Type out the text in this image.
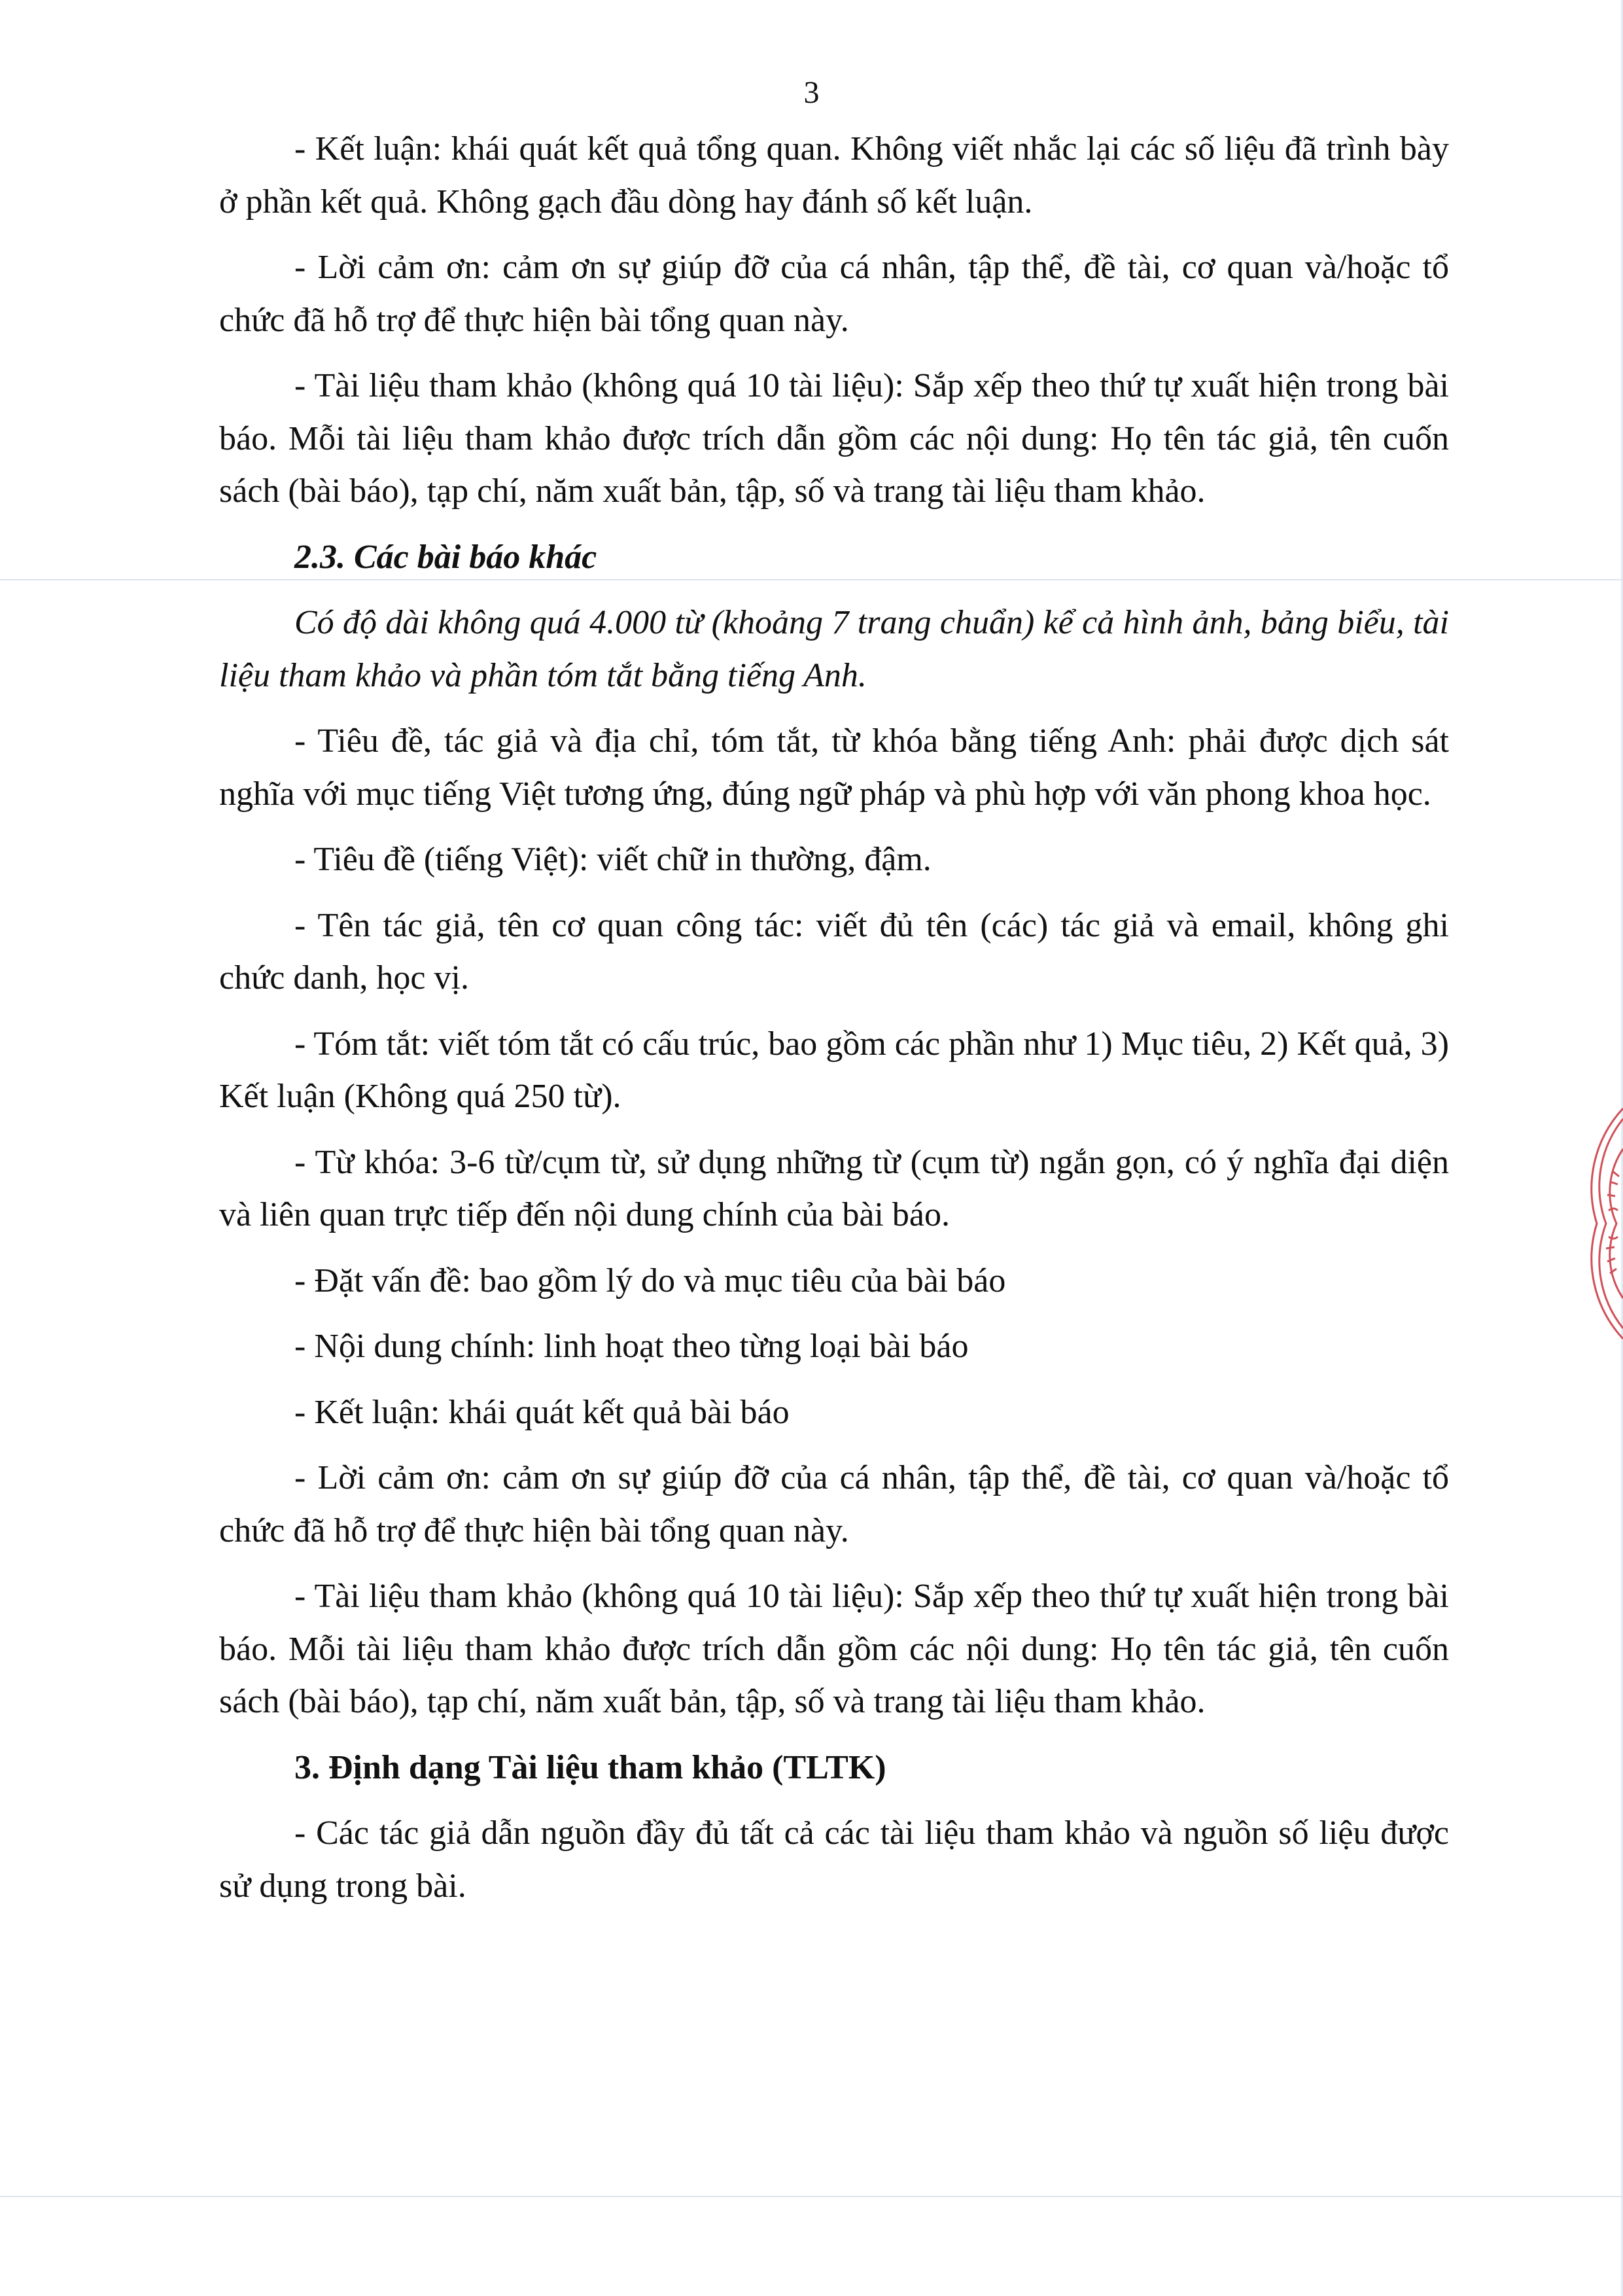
3

- Kết luận: khái quát kết quả tổng quan. Không viết nhắc lại các số liệu đã trình bày ở phần kết quả. Không gạch đầu dòng hay đánh số kết luận.

- Lời cảm ơn: cảm ơn sự giúp đỡ của cá nhân, tập thể, đề tài, cơ quan và/hoặc tổ chức đã hỗ trợ để thực hiện bài tổng quan này.

- Tài liệu tham khảo (không quá 10 tài liệu): Sắp xếp theo thứ tự xuất hiện trong bài báo. Mỗi tài liệu tham khảo được trích dẫn gồm các nội dung: Họ tên tác giả, tên cuốn sách (bài báo), tạp chí, năm xuất bản, tập, số và trang tài liệu tham khảo.

2.3. Các bài báo khác

Có độ dài không quá 4.000 từ (khoảng 7 trang chuẩn) kể cả hình ảnh, bảng biểu, tài liệu tham khảo và phần tóm tắt bằng tiếng Anh.

- Tiêu đề, tác giả và địa chỉ, tóm tắt, từ khóa bằng tiếng Anh: phải được dịch sát nghĩa với mục tiếng Việt tương ứng, đúng ngữ pháp và phù hợp với văn phong khoa học.

- Tiêu đề (tiếng Việt): viết chữ in thường, đậm.

- Tên tác giả, tên cơ quan công tác: viết đủ tên (các) tác giả và email, không ghi chức danh, học vị.

- Tóm tắt: viết tóm tắt có cấu trúc, bao gồm các phần như 1) Mục tiêu, 2) Kết quả, 3) Kết luận (Không quá 250 từ).

- Từ khóa: 3-6 từ/cụm từ, sử dụng những từ (cụm từ) ngắn gọn, có ý nghĩa đại diện và liên quan trực tiếp đến nội dung chính của bài báo.

- Đặt vấn đề: bao gồm lý do và mục tiêu của bài báo

- Nội dung chính: linh hoạt theo từng loại bài báo

- Kết luận: khái quát kết quả bài báo

- Lời cảm ơn: cảm ơn sự giúp đỡ của cá nhân, tập thể, đề tài, cơ quan và/hoặc tổ chức đã hỗ trợ để thực hiện bài tổng quan này.

- Tài liệu tham khảo (không quá 10 tài liệu): Sắp xếp theo thứ tự xuất hiện trong bài báo. Mỗi tài liệu tham khảo được trích dẫn gồm các nội dung: Họ tên tác giả, tên cuốn sách (bài báo), tạp chí, năm xuất bản, tập, số và trang tài liệu tham khảo.

3. Định dạng Tài liệu tham khảo (TLTK)

- Các tác giả dẫn nguồn đầy đủ tất cả các tài liệu tham khảo và nguồn số liệu được sử dụng trong bài.
